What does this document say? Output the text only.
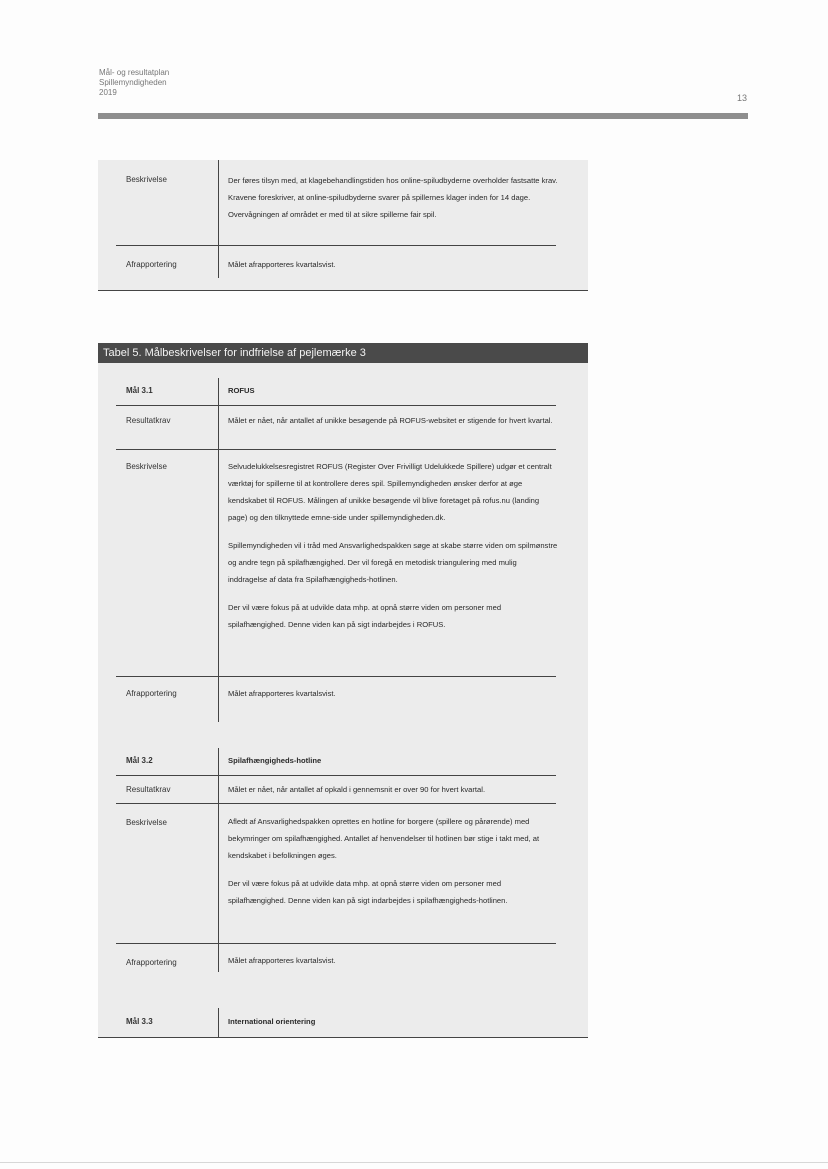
Mål- og resultatplan
Spillemyndigheden
2019
13
Beskrivelse	Der føres tilsyn med, at klagebehandlingstiden hos online-spiludbyderne overholder fastsatte krav. Kravene foreskriver, at online-spiludbyderne svarer på spillernes klager inden for 14 dage. Overvågningen af området er med til at sikre spillerne fair spil.
Afrapportering	Målet afrapporteres kvartalsvist.
Tabel 5. Målbeskrivelser for indfrielse af pejlemærke 3
Mål 3.1	ROFUS
Resultatkrav	Målet er nået, når antallet af unikke besøgende på ROFUS-websitet er stigende for hvert kvartal.
Beskrivelse	Selvudelukkelsesregistret ROFUS (Register Over Frivilligt Udelukkede Spillere) udgør et centralt værktøj for spillerne til at kontrollere deres spil. Spillemyndigheden ønsker derfor at øge kendskabet til ROFUS. Målingen af unikke besøgende vil blive foretaget på rofus.nu (landing page) og den tilknyttede emne-side under spillemyndigheden.dk.

Spillemyndigheden vil i tråd med Ansvarlighedspakken søge at skabe større viden om spilmønstre og andre tegn på spilafhængighed. Der vil foregå en metodisk triangulering med mulig inddragelse af data fra Spilafhængigheds-hotlinen.

Der vil være fokus på at udvikle data mhp. at opnå større viden om personer med spilafhængighed. Denne viden kan på sigt indarbejdes i ROFUS.

Afrapportering	Målet afrapporteres kvartalsvist.
Mål 3.2	Spilafhængigheds-hotline
Resultatkrav	Målet er nået, når antallet af opkald i gennemsnit er over 90 for hvert kvartal.
Beskrivelse	Afledt af Ansvarlighedspakken oprettes en hotline for borgere (spillere og pårørende) med bekymringer om spilafhængighed. Antallet af henvendelser til hotlinen bør stige i takt med, at kendskabet i befolkningen øges.

Der vil være fokus på at udvikle data mhp. at opnå større viden om personer med spilafhængighed. Denne viden kan på sigt indarbejdes i spilafhængigheds-hotlinen.

Afrapportering	Målet afrapporteres kvartalsvist.
Mål 3.3	International orientering
